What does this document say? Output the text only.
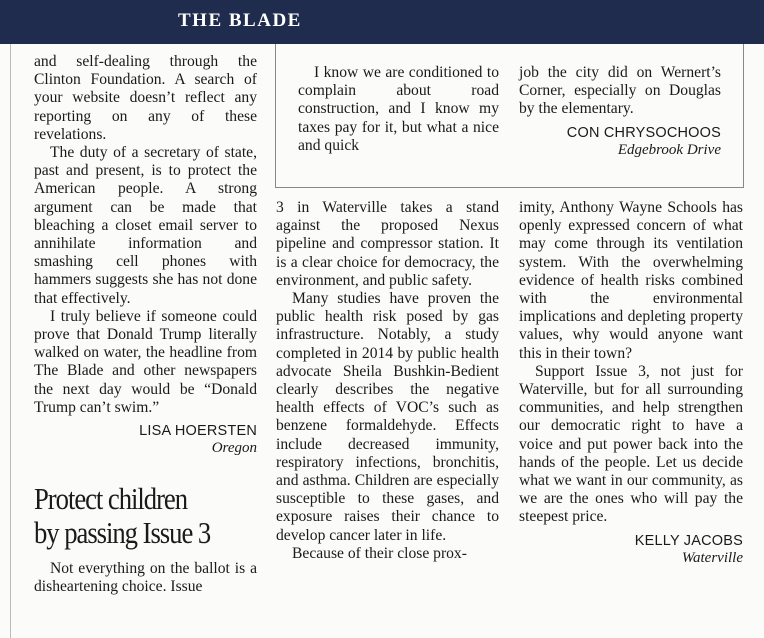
THE BLADE

and self-dealing through the Clinton Foundation. A search of your website doesn’t reflect any reporting on any of these revelations.

The duty of a secretary of state, past and present, is to protect the American people. A strong argument can be made that bleaching a closet email server to annihilate information and smashing cell phones with hammers suggests she has not done that effectively.

I truly believe if someone could prove that Donald Trump literally walked on water, the headline from The Blade and other newspapers the next day would be “Donald Trump can’t swim.”

LISA HOERSTEN
Oregon

I know we are conditioned to complain about road construction, and I know my taxes pay for it, but what a nice and quick

job the city did on Wernert’s Corner, especially on Douglas by the elementary.

CON CHRYSOCHOOS
Edgebrook Drive
Protect children
by passing Issue 3

Not everything on the ballot is a disheartening choice. Issue

3 in Waterville takes a stand against the proposed Nexus pipeline and compressor station. It is a clear choice for democracy, the environment, and public safety.

Many studies have proven the public health risk posed by gas infrastructure. Notably, a study completed in 2014 by public health advocate Sheila Bushkin-Bedient clearly describes the negative health effects of VOC’s such as benzene formaldehyde. Effects include decreased immunity, respiratory infections, bronchitis, and asthma. Children are especially susceptible to these gases, and exposure raises their chance to develop cancer later in life.

Because of their close prox-

imity, Anthony Wayne Schools has openly expressed concern of what may come through its ventilation system. With the overwhelming evidence of health risks combined with the environmental implications and depleting property values, why would anyone want this in their town?

Support Issue 3, not just for Waterville, but for all surrounding communities, and help strengthen our democratic right to have a voice and put power back into the hands of the people. Let us decide what we want in our community, as we are the ones who will pay the steepest price.

KELLY JACOBS
Waterville
